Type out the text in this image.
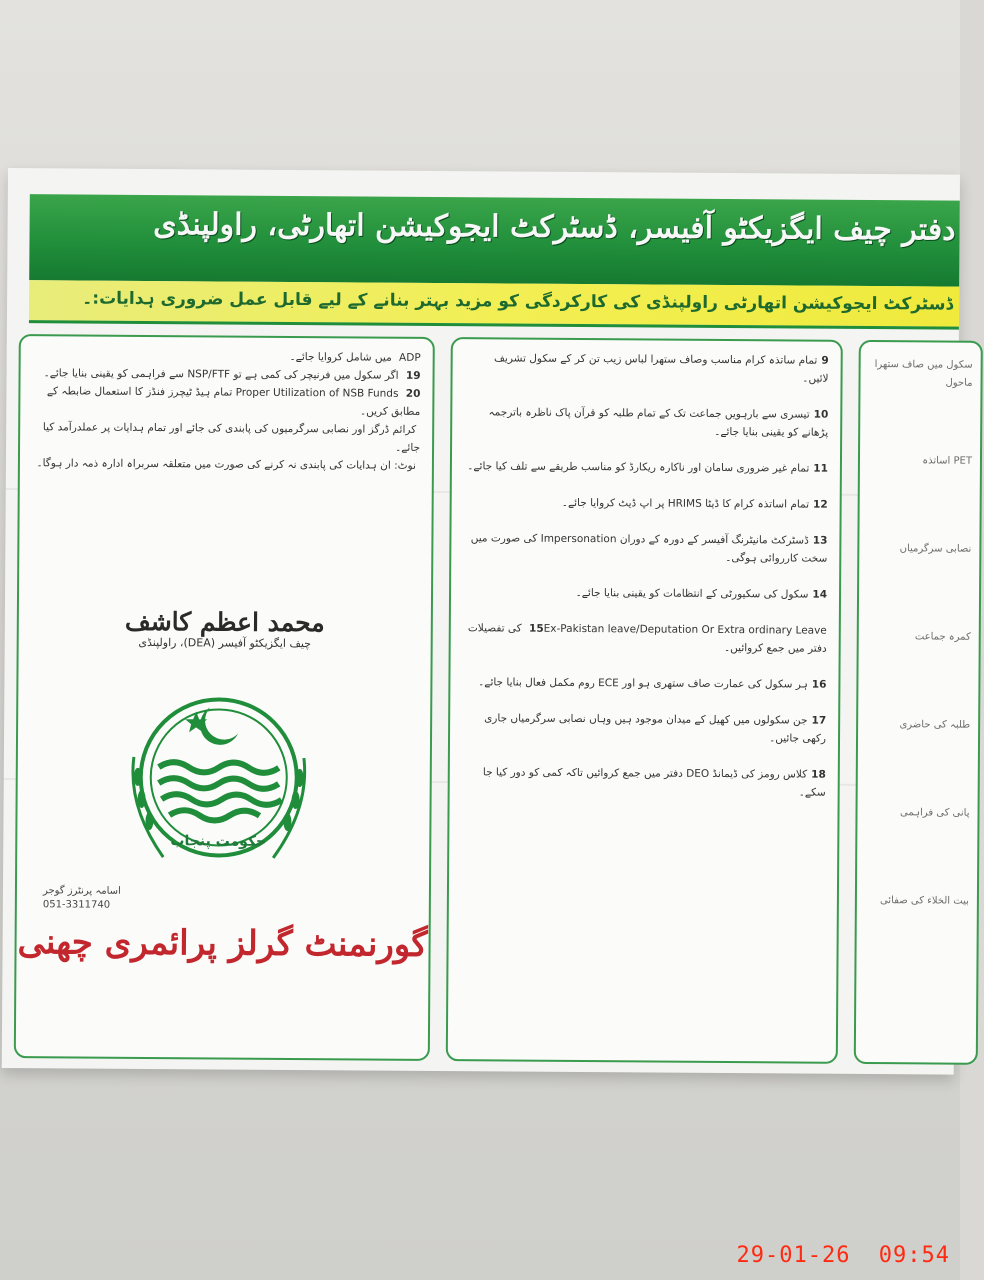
دفتر چیف ایگزیکٹو آفیسر، ڈسٹرکٹ ایجوکیشن اتھارٹی، راولپنڈی
ڈسٹرکٹ ایجوکیشن اتھارٹی راولپنڈی کی کارکردگی کو مزید بہتر بنانے کے لیے قابل عمل ضروری ہدایات:۔
ADP میں شامل کروایا جائے۔
19 اگر سکول میں فرنیچر کی کمی ہے تو NSP/FTF سے فراہمی کو یقینی بنایا جائے۔
20 Proper Utilization of NSB Funds تمام ہیڈ ٹیچرز فنڈز کا استعمال ضابطہ کے مطابق کریں۔
کرائم ڈرگز اور نصابی سرگرمیوں کی پابندی کی جائے اور تمام ہدایات پر عملدرآمد کیا جائے۔
نوٹ: ان ہدایات کی پابندی نہ کرنے کی صورت میں متعلقہ سربراہ ادارہ ذمہ دار ہوگا۔
محمد اعظم کاشف
چیف ایگزیکٹو آفیسر (DEA)، راولپنڈی
حکومت پنجاب
اسامہ پرنٹرز گوجر
051-3311740
گورنمنٹ گرلز پرائمری چھنی
9تمام ساتذہ کرام مناسب وصاف ستھرا لباس زیب تن کر کے سکول تشریف لائیں۔
10تیسری سے بارہویں جماعت تک کے تمام طلبہ کو قرآن پاک ناظرہ باترجمہ پڑھانے کو یقینی بنایا جائے۔
11تمام غیر ضروری سامان اور ناکارہ ریکارڈ کو مناسب طریقے سے تلف کیا جائے۔
12تمام اساتذہ کرام کا ڈیٹا HRIMS پر اپ ڈیٹ کروایا جائے۔
13ڈسٹرکٹ مانیٹرنگ آفیسر کے دورہ کے دوران Impersonation کی صورت میں سخت کارروائی ہوگی۔
14سکول کی سکیورٹی کے انتظامات کو یقینی بنایا جائے۔
15Ex-Pakistan leave/Deputation Or Extra ordinary Leave کی تفصیلات دفتر میں جمع کروائیں۔
16ہر سکول کی عمارت صاف ستھری ہو اور ECE روم مکمل فعال بنایا جائے۔
17جن سکولوں میں کھیل کے میدان موجود ہیں وہاں نصابی سرگرمیاں جاری رکھی جائیں۔
18کلاس رومز کی ڈیمانڈ DEO دفتر میں جمع کروائیں تاکہ کمی کو دور کیا جا سکے۔
سکول میں صاف ستھرا ماحول
PET اساتذہ
نصابی سرگرمیاں
کمرہ جماعت
طلبہ کی حاضری
پانی کی فراہمی
بیت الخلاء کی صفائی
29-01-26 09:54
